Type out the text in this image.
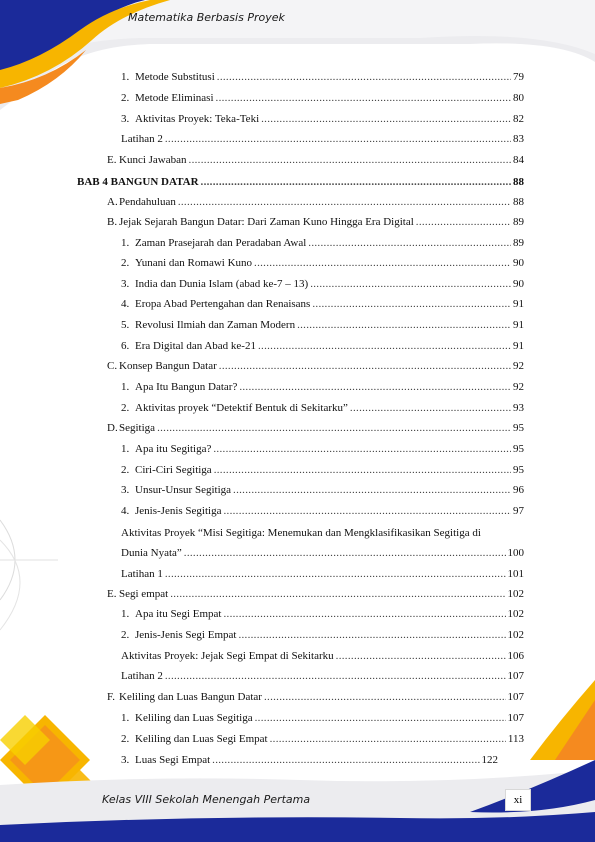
Matematika Berbasis Proyek
1. Metode Substitusi .....	79
2. Metode Eliminasi .....	80
3. Aktivitas Proyek: Teka-Teki .....	82
Latihan 2 .....	83
E. Kunci Jawaban .....	84
BAB 4 BANGUN DATAR .....	88
A. Pendahuluan .....	88
B. Jejak Sejarah Bangun Datar: Dari Zaman Kuno Hingga Era Digital .....	89
1. Zaman Prasejarah dan Peradaban Awal .....	89
2. Yunani dan Romawi Kuno .....	90
3. India dan Dunia Islam (abad ke-7 – 13) .....	90
4. Eropa Abad Pertengahan dan Renaisans .....	91
5. Revolusi Ilmiah dan Zaman Modern .....	91
6. Era Digital dan Abad ke-21 .....	91
C. Konsep Bangun Datar .....	92
1. Apa Itu Bangun Datar? .....	92
2. Aktivitas proyek “Detektif Bentuk di Sekitarku” .....	93
D. Segitiga .....	95
1. Apa itu Segitiga? .....	95
2. Ciri-Ciri Segitiga .....	95
3. Unsur-Unsur Segitiga .....	96
4. Jenis-Jenis Segitiga .....	97
Aktivitas Proyek “Misi Segitiga: Menemukan dan Mengklasifikasikan Segitiga di
Dunia Nyata” .....	100
Latihan 1 .....	101
E. Segi empat .....	102
1. Apa itu Segi Empat .....	102
2. Jenis-Jenis Segi Empat .....	102
Aktivitas Proyek: Jejak Segi Empat di Sekitarku .....	106
Latihan 2 .....	107
F. Keliling dan Luas Bangun Datar .....	107
1. Keliling dan Luas Segitiga .....	107
2. Keliling dan Luas Segi Empat .....	113
3. Luas Segi Empat .....	122
Kelas VIII Sekolah Menengah Pertama	xi
